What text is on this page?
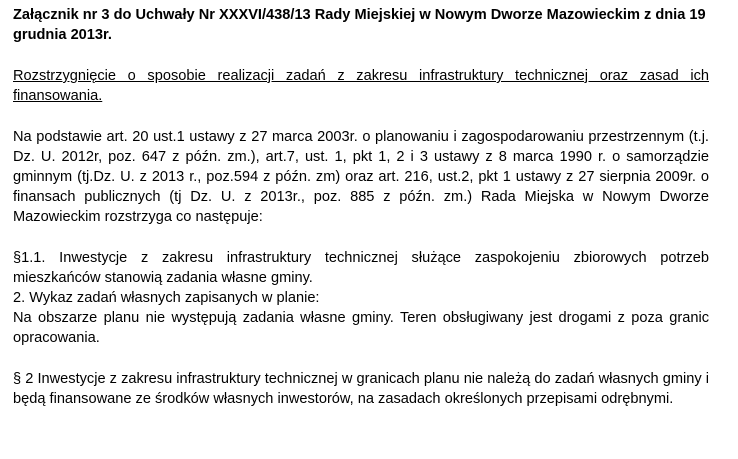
Załącznik nr 3 do Uchwały Nr XXXVI/438/13 Rady Miejskiej w Nowym Dworze Mazowieckim z dnia 19 grudnia 2013r.

Rozstrzygnięcie o sposobie realizacji zadań z zakresu infrastruktury technicznej oraz zasad ich finansowania.

Na podstawie art. 20 ust.1 ustawy z 27 marca 2003r. o planowaniu i zagospodarowaniu przestrzennym (t.j. Dz. U. 2012r, poz. 647 z późn. zm.), art.7, ust. 1, pkt 1, 2 i 3 ustawy z 8 marca 1990 r. o samorządzie gminnym (tj.Dz. U. z 2013 r., poz.594 z późn. zm) oraz art. 216, ust.2, pkt 1 ustawy z 27 sierpnia 2009r. o finansach publicznych (tj Dz. U. z 2013r., poz. 885 z późn. zm.) Rada Miejska w Nowym Dworze Mazowieckim rozstrzyga co następuje:

§1.1. Inwestycje z zakresu infrastruktury technicznej służące zaspokojeniu zbiorowych potrzeb mieszkańców stanowią zadania własne gminy.

2. Wykaz zadań własnych zapisanych w planie:

Na obszarze planu nie występują zadania własne gminy. Teren obsługiwany jest drogami z poza granic opracowania.

§ 2 Inwestycje z zakresu infrastruktury technicznej w granicach planu nie należą do zadań własnych gminy i będą finansowane ze środków własnych inwestorów, na zasadach określonych przepisami odrębnymi.
